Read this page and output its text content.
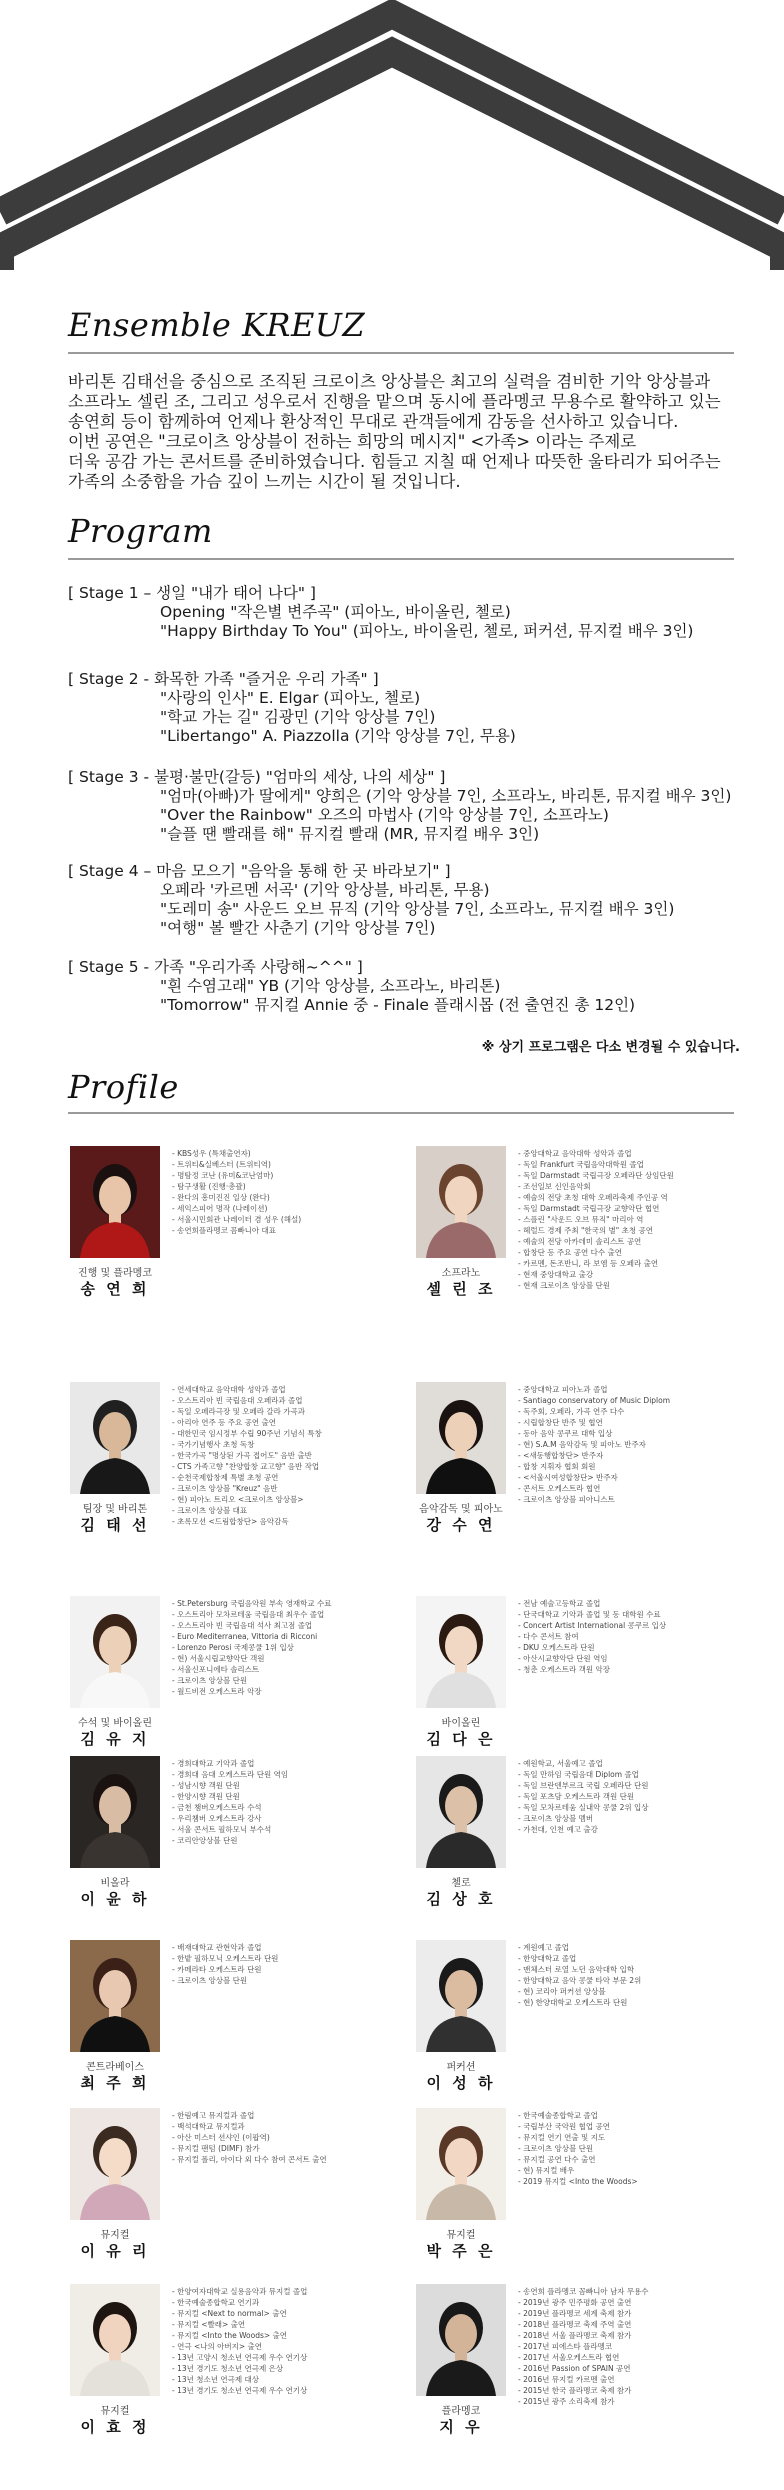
Ensemble KREUZ

바리톤 김태선을 중심으로 조직된 크로이츠 앙상블은 최고의 실력을 겸비한 기악 앙상블과

소프라노 셀린 조, 그리고 성우로서 진행을 맡으며 동시에 플라멩코 무용수로 활약하고 있는

송연희 등이 함께하여 언제나 환상적인 무대로 관객들에게 감동을 선사하고 있습니다.

이번 공연은 "크로이츠 앙상블이 전하는 희망의 메시지" <가족> 이라는 주제로

더욱 공감 가는 콘서트를 준비하였습니다. 힘들고 지칠 때 언제나 따뜻한 울타리가 되어주는

가족의 소중함을 가슴 깊이 느끼는 시간이 될 것입니다.

Program
[ Stage 1 – 생일 "내가 태어 나다" ]
Opening "작은별 변주곡" (피아노, 바이올린, 첼로)
"Happy Birthday To You" (피아노, 바이올린, 첼로, 퍼커션, 뮤지컬 배우 3인)
[ Stage 2 - 화목한 가족 "즐거운 우리 가족" ]
"사랑의 인사" E. Elgar (피아노, 첼로)
"학교 가는 길" 김광민 (기악 앙상블 7인)
"Libertango" A. Piazzolla (기악 앙상블 7인, 무용)
[ Stage 3 - 불평·불만(갈등) "엄마의 세상, 나의 세상" ]
"엄마(아빠)가 딸에게" 양희은 (기악 앙상블 7인, 소프라노, 바리톤, 뮤지컬 배우 3인)
"Over the Rainbow" 오즈의 마법사 (기악 앙상블 7인, 소프라노)
"슬플 땐 빨래를 해" 뮤지컬 빨래 (MR, 뮤지컬 배우 3인)
[ Stage 4 – 마음 모으기 "음악을 통해 한 곳 바라보기" ]
오페라 '카르멘 서곡' (기악 앙상블, 바리톤, 무용)
"도레미 송" 사운드 오브 뮤직 (기악 앙상블 7인, 소프라노, 뮤지컬 배우 3인)
"여행" 볼 빨간 사춘기 (기악 앙상블 7인)
[ Stage 5 - 가족 "우리가족 사랑해~^^" ]
"흰 수염고래" YB (기악 앙상블, 소프라노, 바리톤)
"Tomorrow" 뮤지컬 Annie 중 - Finale 플래시몹 (전 출연진 총 12인)
※ 상기 프로그램은 다소 변경될 수 있습니다.
Profile
진행 및 플라멩코
송 연 희
- KBS성우 (특채출연자)
- 트위티&실베스터 (트위티역)
- 명탐정 코난 (유미&코난엄마)
- 탐구생활 (진행·총괄)
- 완다의 흥미진진 일상 (완다)
- 세익스피어 명작 (나레이션)
- 서울시민회관 나레이터 겸 성우 (해설)
- 송연희플라멩코 꼼빠니아 대표
소프라노
셀 린 조
- 중앙대학교 음악대학 성악과 졸업
- 독일 Frankfurt 국립음악대학원 졸업
- 독일 Darmstadt 국립극장 오페라단 상임단원
- 조선일보 신인음악회
- 예술의 전당 초청 대학 오페라축제 주인공 역
- 독일 Darmstadt 국립극장 교향악단 협연
- 스플린 "사운드 오브 뮤직" 마리아 역
- 헤럴드 경제 주최 "한국의 별" 초청 공연
- 예술의 전당 아카데미 솔리스트 공연
- 합창단 등 주요 공연 다수 출연
- 카르멘, 돈조반니, 라 보엠 등 오페라 출연
- 현재 중앙대학교 출강
- 현재 크로이츠 앙상블 단원
팀장 및 바리톤
김 태 선
- 연세대학교 음악대학 성악과 졸업
- 오스트리아 빈 국립음대 오페라과 졸업
- 독일 오페라극장 및 오페라 갈라 가곡과
- 아리아 연주 등 주요 공연 출연
- 대한민국 임시정부 수립 90주년 기념식 특창
- 국가기념행사 초청 독창
- 한국가곡 "명상된 가곡 접어도" 음반 출반
- CTS 가족고향 "찬양합창 교고향" 음반 작업
- 순천국제합창제 특별 초청 공연
- 크로이츠 앙상블 "Kreuz" 음반
- 현) 피아노 트리오 <크로이츠 앙상블>
- 크로이츠 앙상블 대표
- 초록모션 <드림합창단> 음악감독
음악감독 및 피아노
강 수 연
- 중앙대학교 피아노과 졸업
- Santiago conservatory of Music Diplom
- 독주회, 오페라, 가곡 연주 다수
- 시립합창단 반주 및 협연
- 동아 음악 콩쿠르 대학 입상
- 현) S.A.M 음악감독 및 피아노 반주자
- <새동행합창단> 반주자
- 합창 지휘자 협회 회원
- <서울시여성합창단> 반주자
- 콘서트 오케스트라 협연
- 크로이츠 앙상블 피아니스트
수석 및 바이올린
김 유 지
- St.Petersburg 국립음악원 부속 영재학교 수료
- 오스트리아 모차르테움 국립음대 최우수 졸업
- 오스트리아 빈 국립음대 석사 최고점 졸업
- Euro Mediterranea, Vittoria di Ricconi
- Lorenzo Perosi 국제콩쿨 1위 입상
- 현) 서울시립교향악단 객원
- 서울신포니에타 솔리스트
- 크로이츠 앙상블 단원
- 월드비전 오케스트라 악장
바이올린
김 다 은
- 전남 예술고등학교 졸업
- 단국대학교 기악과 졸업 및 동 대학원 수료
- Concert Artist International 콩쿠르 입상
- 다수 콘서트 참여
- DKU 오케스트라 단원
- 아산시교향악단 단원 역임
- 청춘 오케스트라 객원 악장
비올라
이 윤 하
- 경희대학교 기악과 졸업
- 경희대 음대 오케스트라 단원 역임
- 성남시향 객원 단원
- 한양시향 객원 단원
- 금천 챔버오케스트라 수석
- 우리챔버 오케스트라 강사
- 서울 콘서트 필하모닉 부수석
- 코리안앙상블 단원
첼로
김 상 호
- 예원학교, 서울예고 졸업
- 독일 만하임 국립음대 Diplom 졸업
- 독일 브란덴부르크 국립 오페라단 단원
- 독일 포츠담 오케스트라 객원 단원
- 독일 모차르테움 실내악 콩쿨 2위 입상
- 크로이츠 앙상블 멤버
- 가천대, 인천 예고 출강
콘트라베이스
최 주 희
- 배재대학교 관현악과 졸업
- 한밭 필하모닉 오케스트라 단원
- 카메라타 오케스트라 단원
- 크로이츠 앙상블 단원
퍼커션
이 성 하
- 계원예고 졸업
- 한양대학교 졸업
- 맨체스터 로열 노던 음악대학 입학
- 한양대학교 음악 콩쿨 타악 부문 2위
- 현) 코리아 퍼커션 앙상블
- 현) 한양대학교 오케스트라 단원
뮤지컬
이 유 리
- 한림예고 뮤지컬과 졸업
- 백석대학교 뮤지컬과
- 아산 미스터 션샤인 (이팝역)
- 뮤지컬 팬텀 (DIMF) 참가
- 뮤지컬 폴리, 아이다 외 다수 참여 콘서트 출연
뮤지컬
박 주 은
- 한국예술종합학교 졸업
- 국립부산 국악원 협업 공연
- 뮤지컬 연기 연출 및 지도
- 크로이츠 앙상블 단원
- 뮤지컬 공연 다수 출연
- 현) 뮤지컬 배우
- 2019 뮤지컬 <Into the Woods>
뮤지컬
이 효 정
- 한양여자대학교 실용음악과 뮤지컬 졸업
- 한국예술종합학교 연기과
- 뮤지컬 <Next to normal> 출연
- 뮤지컬 <빨래> 출연
- 뮤지컬 <Into the Woods> 출연
- 연극 <나의 아버지> 출연
- 13년 고양시 청소년 연극제 우수 연기상
- 13년 경기도 청소년 연극제 은상
- 13년 청소년 연극제 대상
- 13년 경기도 청소년 연극제 우수 연기상
플라멩코
지 우
- 송연희 플라멩코 꼼빠니아 남자 무용수
- 2019년 광주 민주평화 공연 출연
- 2019년 플라멩코 세계 축제 참가
- 2018년 플라멩코 축제 주역 출연
- 2018년 서울 플라멩코 축제 참가
- 2017년 피에스타 플라멩코
- 2017년 서울오케스트라 협연
- 2016년 Passion of SPAIN 공연
- 2016년 뮤지컬 카르멘 출연
- 2015년 한국 플라멩코 축제 참가
- 2015년 광주 소리축제 참가
